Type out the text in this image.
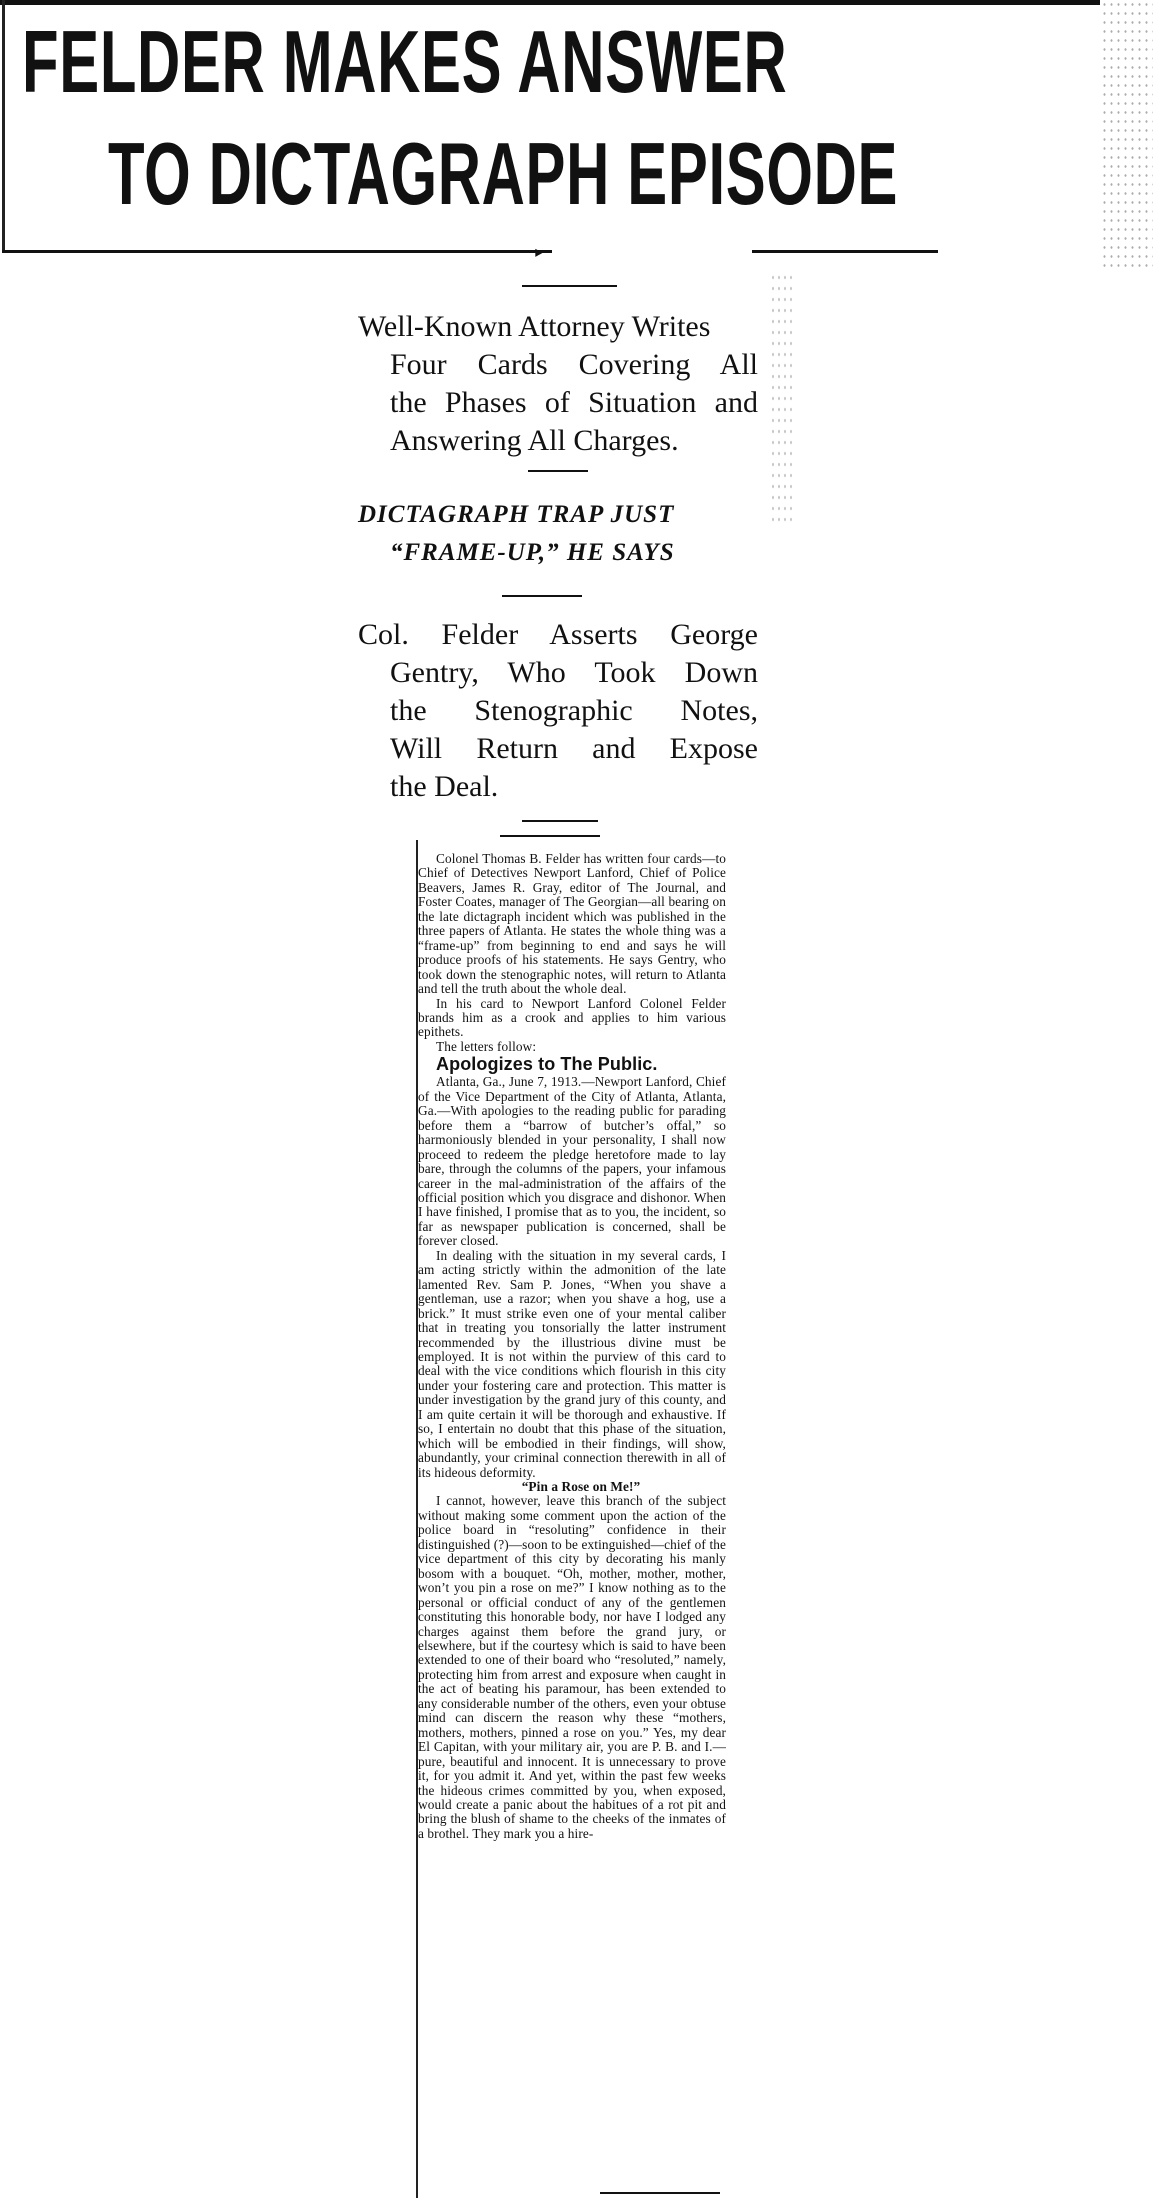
FELDER MAKES ANSWER
TO DICTAGRAPH EPISODE
‣

Well-Known Attorney Writes
Four Cards Covering All
the Phases of Situation and
Answering All Charges.

DICTAGRAPH TRAP JUST
“FRAME-UP,” HE SAYS

Col. Felder Asserts George
Gentry, Who Took Down
the Stenographic Notes,
Will Return and Expose
the Deal.

Colonel Thomas B. Felder has written four cards—to Chief of Detectives Newport Lanford, Chief of Police Beavers, James R. Gray, editor of The Journal, and Foster Coates, manager of The Georgian—all bearing on the late dictagraph incident which was published in the three papers of Atlanta. He states the whole thing was a “frame-up” from beginning to end and says he will produce proofs of his statements. He says Gentry, who took down the stenographic notes, will return to Atlanta and tell the truth about the whole deal.

In his card to Newport Lanford Colonel Felder brands him as a crook and applies to him various epithets.

The letters follow:

Apologizes to The Public.

Atlanta, Ga., June 7, 1913.—Newport Lanford, Chief of the Vice Department of the City of Atlanta, Atlanta, Ga.—With apologies to the reading public for parading before them a “barrow of butcher’s offal,” so harmoniously blended in your personality, I shall now proceed to redeem the pledge heretofore made to lay bare, through the columns of the papers, your infamous career in the mal-administration of the affairs of the official position which you disgrace and dishonor. When I have finished, I promise that as to you, the incident, so far as newspaper publication is concerned, shall be forever closed.

In dealing with the situation in my several cards, I am acting strictly within the admonition of the late lamented Rev. Sam P. Jones, “When you shave a gentleman, use a razor; when you shave a hog, use a brick.” It must strike even one of your mental caliber that in treating you tonsorially the latter instrument recommended by the illustrious divine must be employed. It is not within the purview of this card to deal with the vice conditions which flourish in this city under your fostering care and protection. This matter is under investigation by the grand jury of this county, and I am quite certain it will be thorough and exhaustive. If so, I entertain no doubt that this phase of the situation, which will be embodied in their findings, will show, abundantly, your criminal connection therewith in all of its hideous deformity.

“Pin a Rose on Me!”

I cannot, however, leave this branch of the subject without making some comment upon the action of the police board in “resoluting” confidence in their distinguished (?)—soon to be extinguished—chief of the vice department of this city by decorating his manly bosom with a bouquet. “Oh, mother, mother, mother, won’t you pin a rose on me?” I know nothing as to the personal or official conduct of any of the gentlemen constituting this honorable body, nor have I lodged any charges against them before the grand jury, or elsewhere, but if the courtesy which is said to have been extended to one of their board who “resoluted,” namely, protecting him from arrest and exposure when caught in the act of beating his paramour, has been extended to any considerable number of the others, even your obtuse mind can discern the reason why these “mothers, mothers, mothers, pinned a rose on you.” Yes, my dear El Capitan, with your military air, you are P. B. and I.—pure, beautiful and innocent. It is unnecessary to prove it, for you admit it. And yet, within the past few weeks the hideous crimes committed by you, when exposed, would create a panic about the habitues of a rot pit and bring the blush of shame to the cheeks of the inmates of a brothel. They mark you a hire-
